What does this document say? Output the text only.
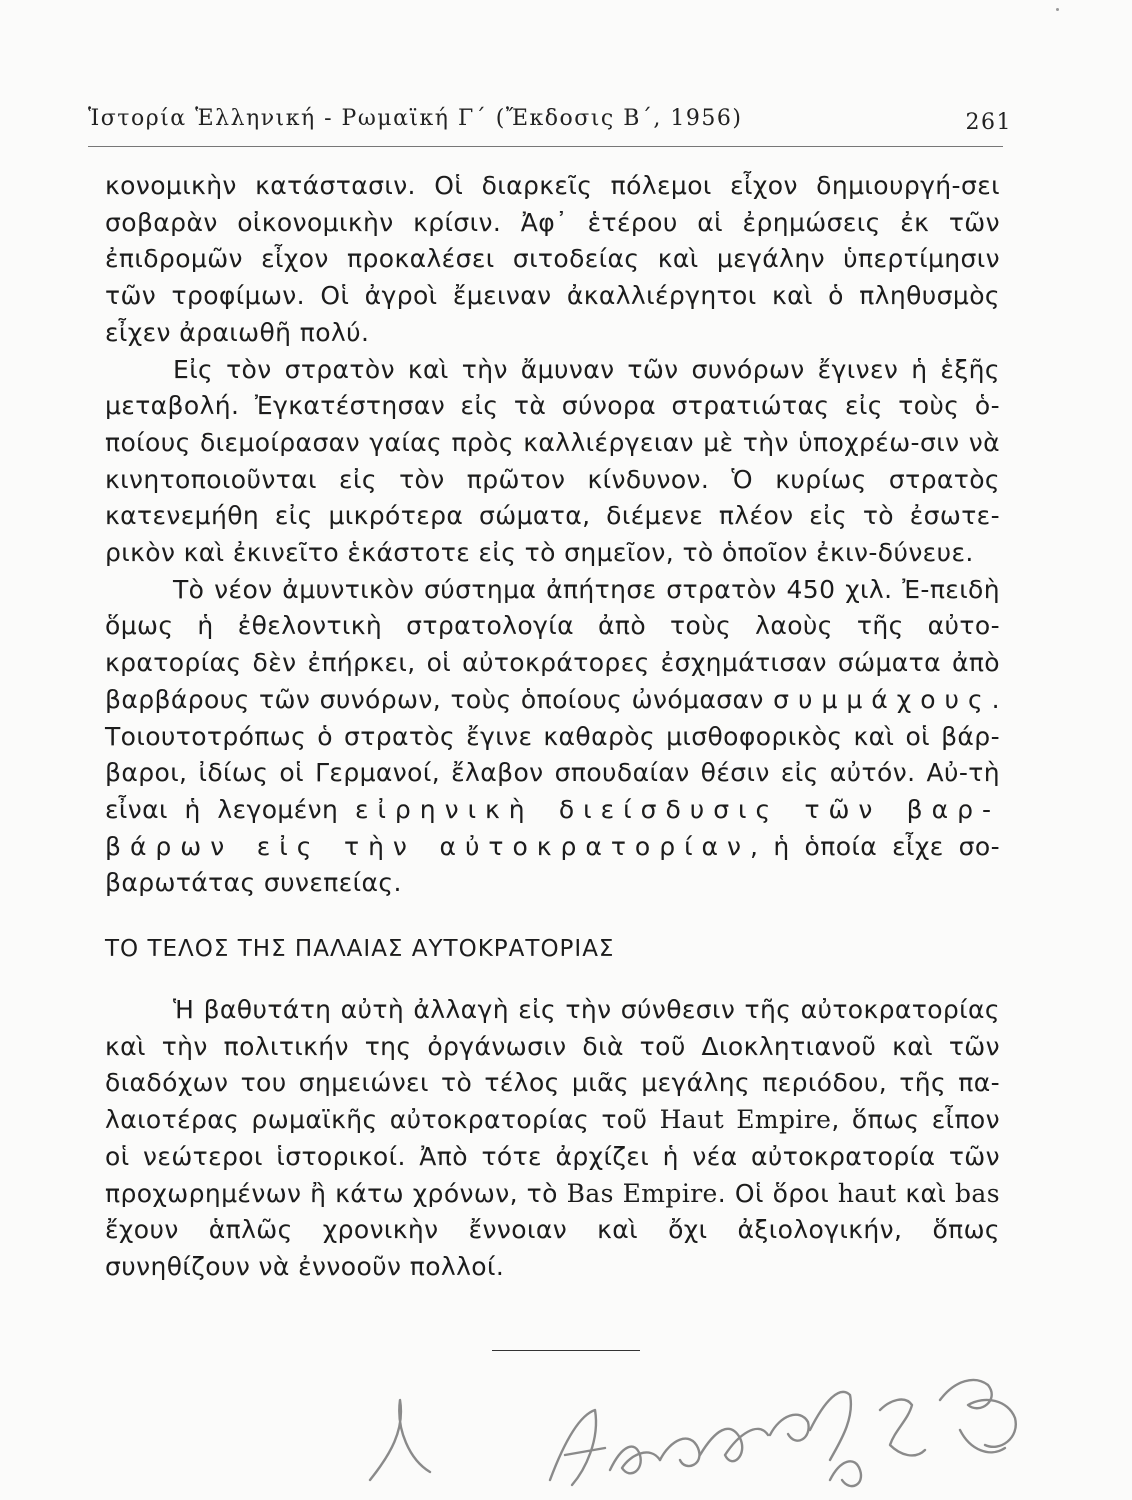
Ἱστορία Ἑλληνική - Ρωμαϊκή Γ΄ (Ἔκδοσις Β΄, 1956)	261

κονομικὴν κατάστασιν. Οἱ διαρκεῖς πόλεμοι εἶχον δημιουργή-σει σοβαρὰν οἰκονομικὴν κρίσιν. Ἀφ᾽ ἑτέρου αἱ ἐρημώσεις ἐκ τῶν ἐπιδρομῶν εἶχον προκαλέσει σιτοδείας καὶ μεγάλην ὑπερτίμησιν τῶν τροφίμων. Οἱ ἀγροὶ ἔμειναν ἀκαλλιέργητοι καὶ ὁ πληθυσμὸς εἶχεν ἀραιωθῆ πολύ.

Εἰς τὸν στρατὸν καὶ τὴν ἄμυναν τῶν συνόρων ἔγινεν ἡ ἑξῆς μεταβολή. Ἐγκατέστησαν εἰς τὰ σύνορα στρατιώτας εἰς τοὺς ὁ-ποίους διεμοίρασαν γαίας πρὸς καλλιέργειαν μὲ τὴν ὑποχρέω-σιν νὰ κινητοποιοῦνται εἰς τὸν πρῶτον κίνδυνον. Ὁ κυρίως στρατὸς κατενεμήθη εἰς μικρότερα σώματα, διέμενε πλέον εἰς τὸ ἐσωτε-ρικὸν καὶ ἐκινεῖτο ἑκάστοτε εἰς τὸ σημεῖον, τὸ ὁποῖον ἐκιν-δύνευε.

Τὸ νέον ἀμυντικὸν σύστημα ἀπήτησε στρατὸν 450 χιλ. Ἐ-πειδὴ ὅμως ἡ ἐθελοντικὴ στρατολογία ἀπὸ τοὺς λαοὺς τῆς αὐτο-κρατορίας δὲν ἐπήρκει, οἱ αὐτοκράτορες ἐσχημάτισαν σώματα ἀπὸ βαρβάρους τῶν συνόρων, τοὺς ὁποίους ὠνόμασαν συμμάχους. Τοιουτοτρόπως ὁ στρατὸς ἔγινε καθαρὸς μισθοφορικὸς καὶ οἱ βάρ-βαροι, ἰδίως οἱ Γερμανοί, ἔλαβον σπουδαίαν θέσιν εἰς αὐτόν. Αὐ-τὴ εἶναι ἡ λεγομένη εἰρηνικὴ διείσδυσις τῶν βαρ-βάρων εἰς τὴν αὐτοκρατορίαν, ἡ ὁποία εἶχε σο-βαρωτάτας συνεπείας.

ΤΟ ΤΕΛΟΣ ΤΗΣ ΠΑΛΑΙΑΣ ΑΥΤΟΚΡΑΤΟΡΙΑΣ

Ἡ βαθυτάτη αὐτὴ ἀλλαγὴ εἰς τὴν σύνθεσιν τῆς αὐτοκρατορίας καὶ τὴν πολιτικήν της ὀργάνωσιν διὰ τοῦ Διοκλητιανοῦ καὶ τῶν διαδόχων του σημειώνει τὸ τέλος μιᾶς μεγάλης περιόδου, τῆς πα-λαιοτέρας ρωμαϊκῆς αὐτοκρατορίας τοῦ Haut Empire, ὅπως εἶπον οἱ νεώτεροι ἱστορικοί. Ἀπὸ τότε ἀρχίζει ἡ νέα αὐτοκρατορία τῶν προχωρημένων ἢ κάτω χρόνων, τὸ Bas Empire. Οἱ ὅροι haut καὶ bas ἔχουν ἁπλῶς χρονικὴν ἔννοιαν καὶ ὄχι ἀξιολογικήν, ὅπως συνηθίζουν νὰ ἐννοοῦν πολλοί.
